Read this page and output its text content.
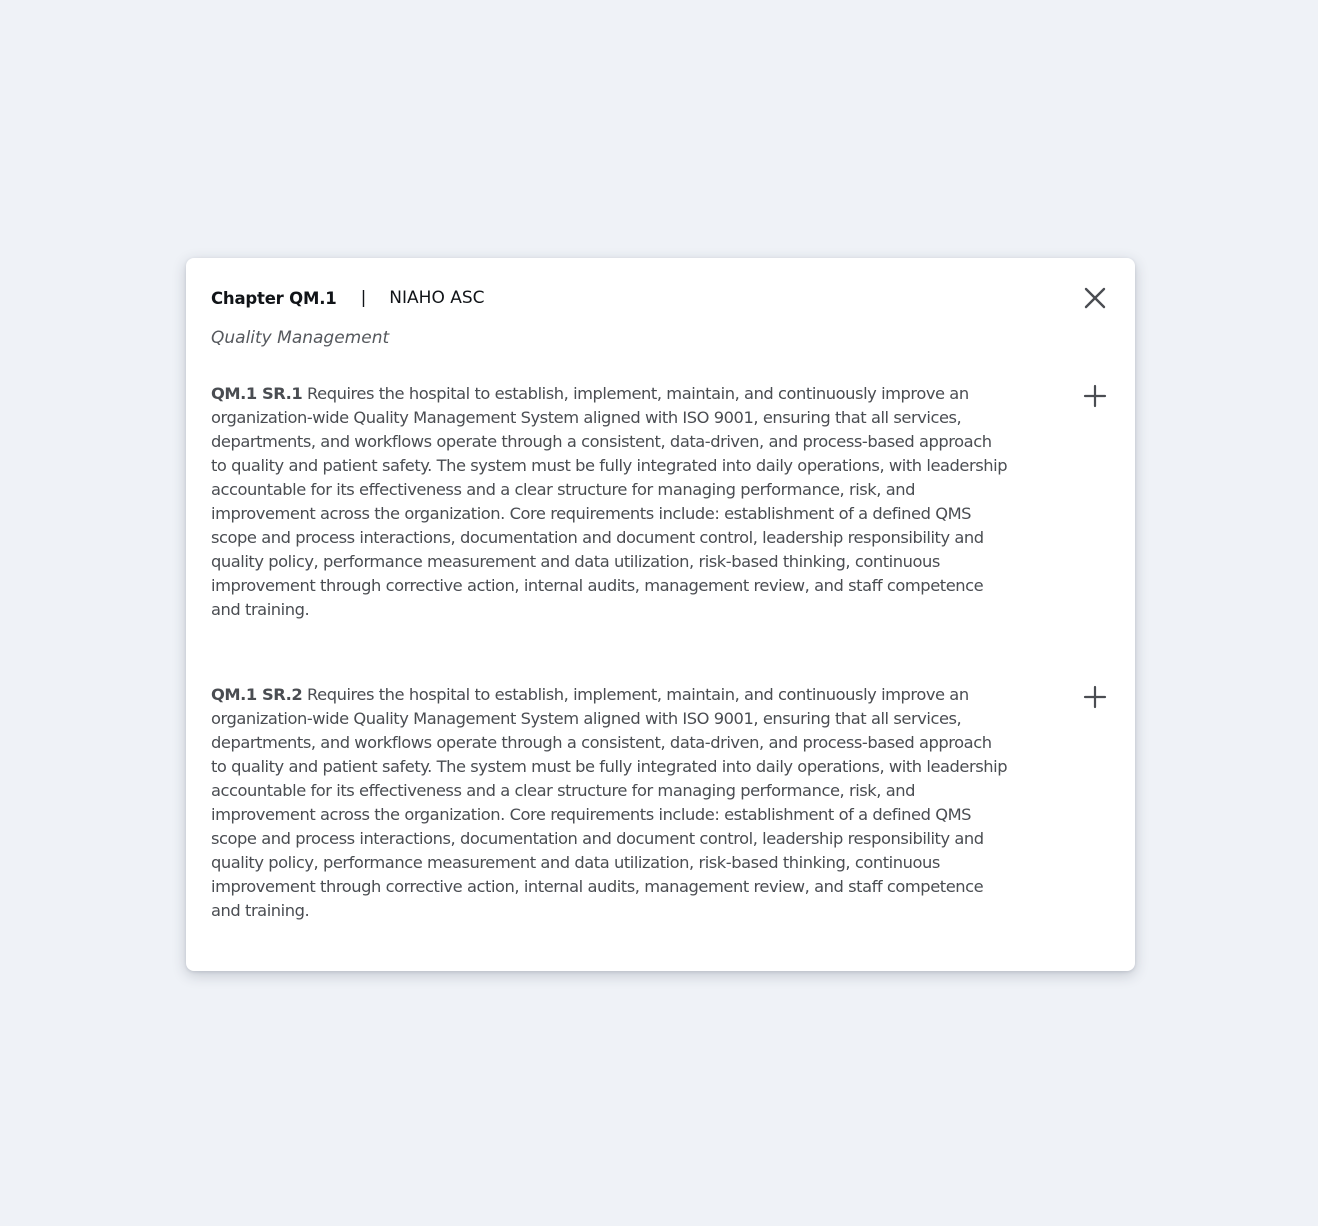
Chapter QM.1 | NIAHO ASC
Quality Management
QM.1 SR.1 Requires the hospital to establish, implement, maintain, and continuously improve an organization-wide Quality Management System aligned with ISO 9001, ensuring that all services, departments, and workflows operate through a consistent, data-driven, and process-based approach to quality and patient safety. The system must be fully integrated into daily operations, with leadership accountable for its effectiveness and a clear structure for managing performance, risk, and improvement across the organization. Core requirements include: establishment of a defined QMS scope and process interactions, documentation and document control, leadership responsibility and quality policy, performance measurement and data utilization, risk-based thinking, continuous improvement through corrective action, internal audits, management review, and staff competence and training.
QM.1 SR.2 Requires the hospital to establish, implement, maintain, and continuously improve an organization-wide Quality Management System aligned with ISO 9001, ensuring that all services, departments, and workflows operate through a consistent, data-driven, and process-based approach to quality and patient safety. The system must be fully integrated into daily operations, with leadership accountable for its effectiveness and a clear structure for managing performance, risk, and improvement across the organization. Core requirements include: establishment of a defined QMS scope and process interactions, documentation and document control, leadership responsibility and quality policy, performance measurement and data utilization, risk-based thinking, continuous improvement through corrective action, internal audits, management review, and staff competence and training.
